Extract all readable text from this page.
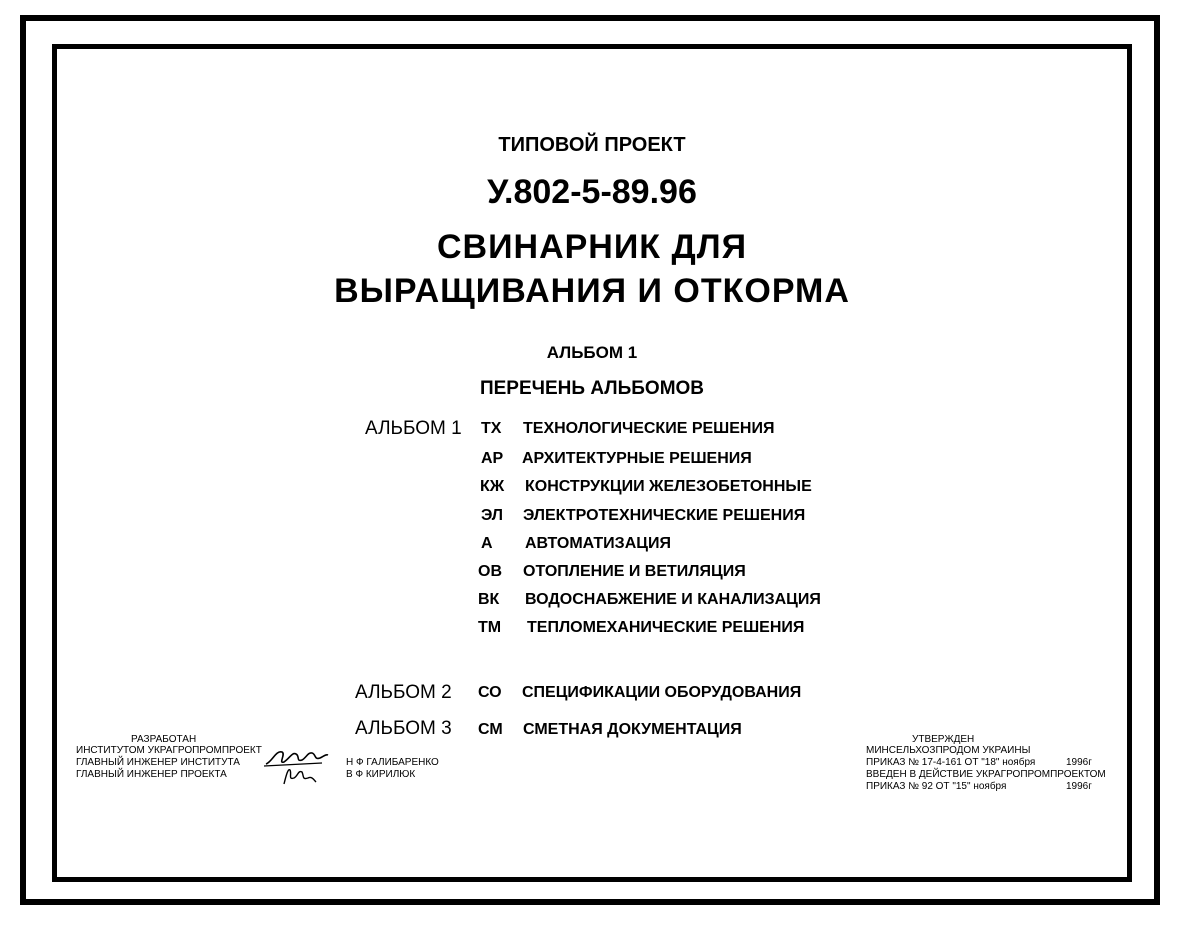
ТИПОВОЙ ПРОЕКТ
У.802-5-89.96
СВИНАРНИК ДЛЯ
ВЫРАЩИВАНИЯ И ОТКОРМА
АЛЬБОМ 1
ПЕРЕЧЕНЬ АЛЬБОМОВ
АЛЬБОМ 1 ТХ ТЕХНОЛОГИЧЕСКИЕ РЕШЕНИЯ
АР АРХИТЕКТУРНЫЕ РЕШЕНИЯ
КЖ КОНСТРУКЦИИ ЖЕЛЕЗОБЕТОННЫЕ
ЭЛ ЭЛЕКТРОТЕХНИЧЕСКИЕ РЕШЕНИЯ
А АВТОМАТИЗАЦИЯ
ОВ ОТОПЛЕНИЕ И ВЕТИЛЯЦИЯ
ВК ВОДОСНАБЖЕНИЕ И КАНАЛИЗАЦИЯ
ТМ ТЕПЛОМЕХАНИЧЕСКИЕ РЕШЕНИЯ
АЛЬБОМ 2 СО СПЕЦИФИКАЦИИ ОБОРУДОВАНИЯ
АЛЬБОМ 3 СМ СМЕТНАЯ ДОКУМЕНТАЦИЯ
РАЗРАБОТАН
ИНСТИТУТОМ УКРАГРОПРОМПРОЕКТ
ГЛАВНЫЙ ИНЖЕНЕР ИНСТИТУТА
ГЛАВНЫЙ ИНЖЕНЕР ПРОЕКТА
Н Ф ГАЛИБАРЕНКО
В Ф КИРИЛЮК
УТВЕРЖДЕН
МИНСЕЛЬХОЗПРОДОМ УКРАИНЫ
ПРИКАЗ № 17-4-161 ОТ "18" ноября	1996г
ВВЕДЕН В ДЕЙСТВИЕ УКРАГРОПРОМПРОЕКТОМ
ПРИКАЗ № 92 ОТ "15" ноября	1996г
